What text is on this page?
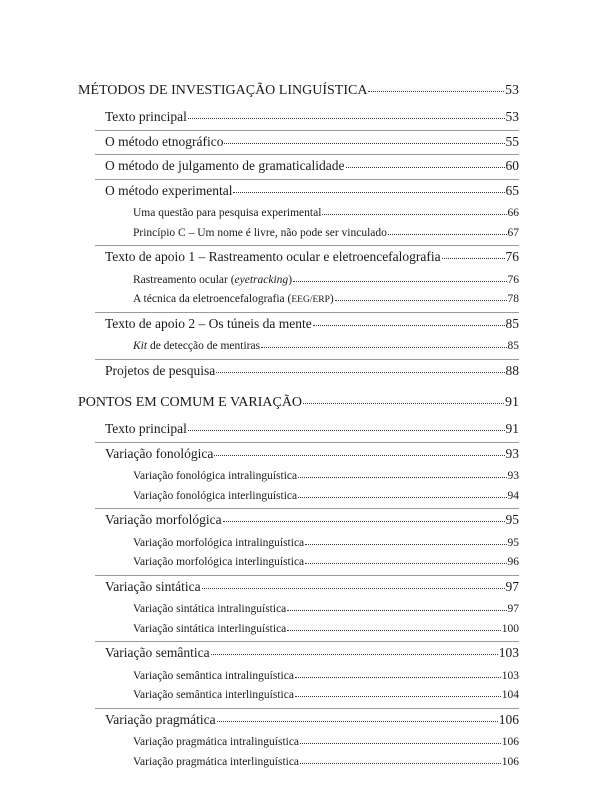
MÉTODOS DE INVESTIGAÇÃO LINGUÍSTICA	53
Texto principal	53
O método etnográfico	55
O método de julgamento de gramaticalidade	60
O método experimental	65
Uma questão para pesquisa experimental	66
Princípio C – Um nome é livre, não pode ser vinculado	67
Texto de apoio 1 – Rastreamento ocular e eletroencefalografia	76
Rastreamento ocular (eyetracking)	76
A técnica da eletroencefalografia (EEG/ERP)	78
Texto de apoio 2 – Os túneis da mente	85
Kit de detecção de mentiras	85
Projetos de pesquisa	88
PONTOS EM COMUM E VARIAÇÃO	91
Texto principal	91
Variação fonológica	93
Variação fonológica intralinguística	93
Variação fonológica interlinguística	94
Variação morfológica	95
Variação morfológica intralinguística	95
Variação morfológica interlinguística	96
Variação sintática	97
Variação sintática intralinguística	97
Variação sintática interlinguística	100
Variação semântica	103
Variação semântica intralinguística	103
Variação semântica interlinguística	104
Variação pragmática	106
Variação pragmática intralinguística	106
Variação pragmática interlinguística	106
